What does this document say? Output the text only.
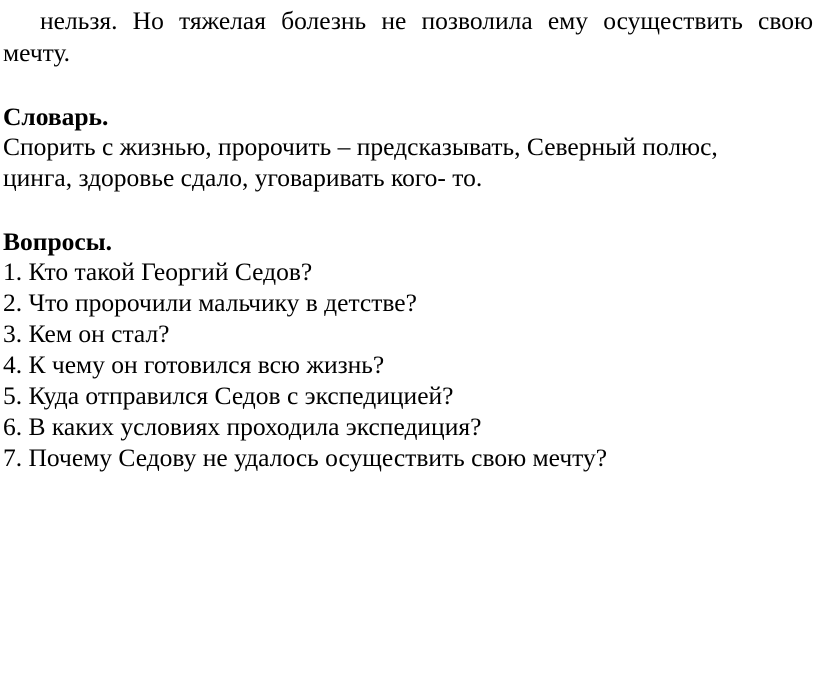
нельзя. Но тяжелая болезнь не позволила ему осуществить свою
мечту.
Словарь.
Спорить с жизнью, пророчить – предсказывать, Северный полюс,
цинга, здоровье сдало, уговаривать кого- то.
Вопросы.
1. Кто такой Георгий Седов?
2. Что пророчили мальчику в детстве?
3. Кем он стал?
4. К чему он готовился всю жизнь?
5. Куда отправился Седов с экспедицией?
6. В каких условиях проходила экспедиция?
7. Почему Седову не удалось осуществить свою мечту?
